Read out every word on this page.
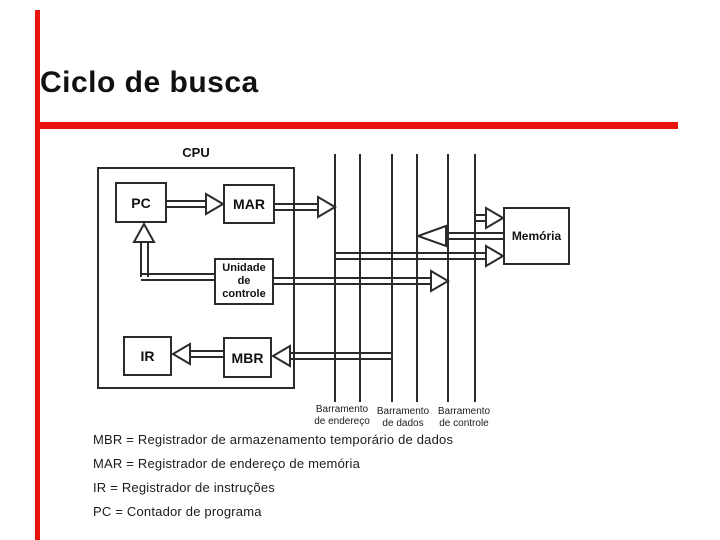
Ciclo de busca
CPU
PC	MAR
Unidade
de
controle
IR	MBR
Memória
Barramento
de endereço
Barramento
de dados
Barramento
de controle
MBR = Registrador de armazenamento temporário de dados
MAR = Registrador de endereço de memória
IR = Registrador de instruções
PC = Contador de programa
